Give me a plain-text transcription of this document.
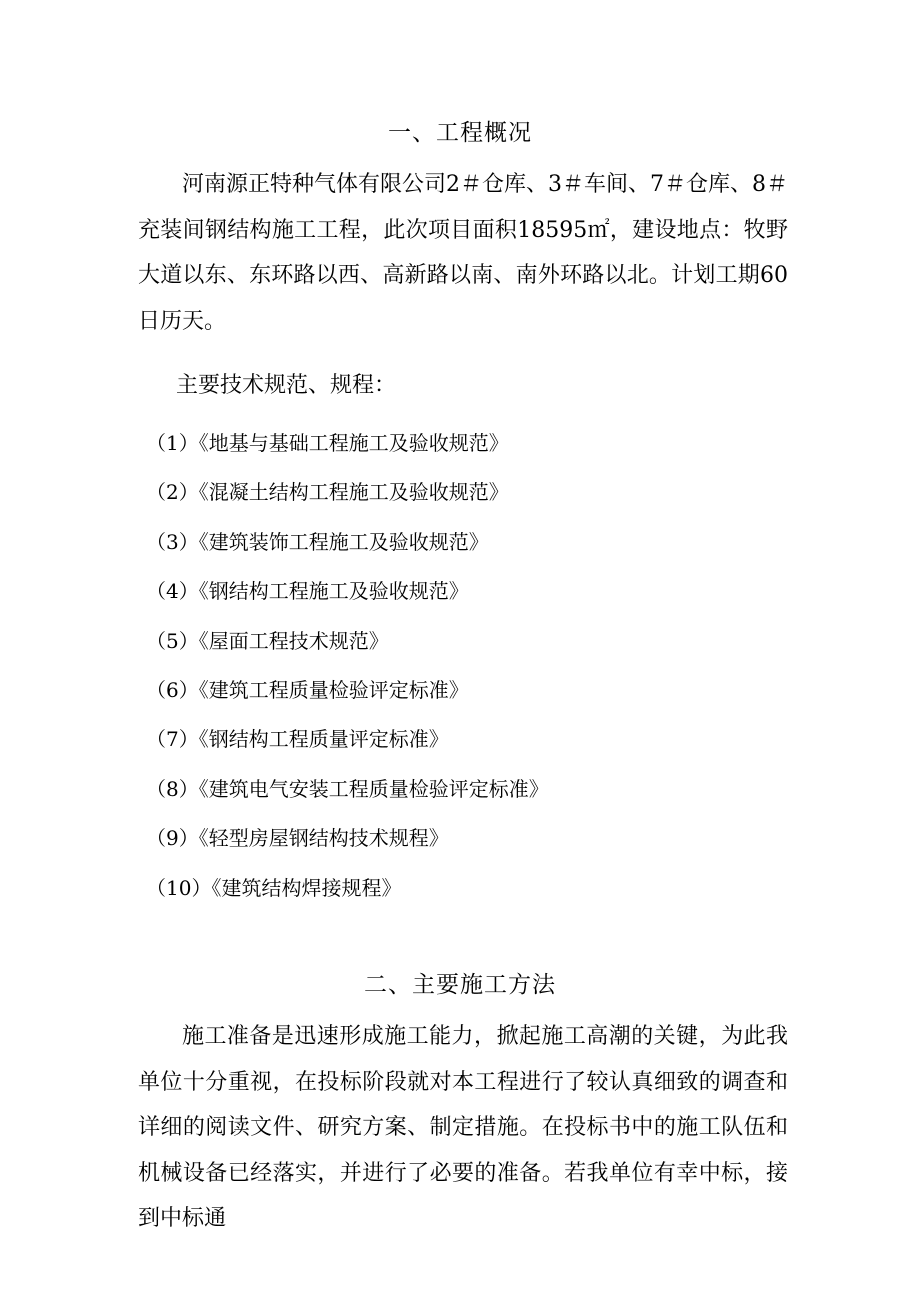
一、工程概况
河南源正特种气体有限公司2＃仓库、3＃车间、7＃仓库、8＃充装间钢结构施工工程，此次项目面积18595㎡，建设地点：牧野大道以东、东环路以西、高新路以南、南外环路以北。计划工期60日历天。
主要技术规范、规程：
（1）《地基与基础工程施工及验收规范》
（2）《混凝土结构工程施工及验收规范》
（3）《建筑装饰工程施工及验收规范》
（4）《钢结构工程施工及验收规范》
（5）《屋面工程技术规范》
（6）《建筑工程质量检验评定标准》
（7）《钢结构工程质量评定标准》
（8）《建筑电气安装工程质量检验评定标准》
（9）《轻型房屋钢结构技术规程》
（10）《建筑结构焊接规程》
二、主要施工方法
施工准备是迅速形成施工能力，掀起施工高潮的关键，为此我单位十分重视，在投标阶段就对本工程进行了较认真细致的调查和详细的阅读文件、研究方案、制定措施。在投标书中的施工队伍和机械设备已经落实，并进行了必要的准备。若我单位有幸中标，接到中标通
